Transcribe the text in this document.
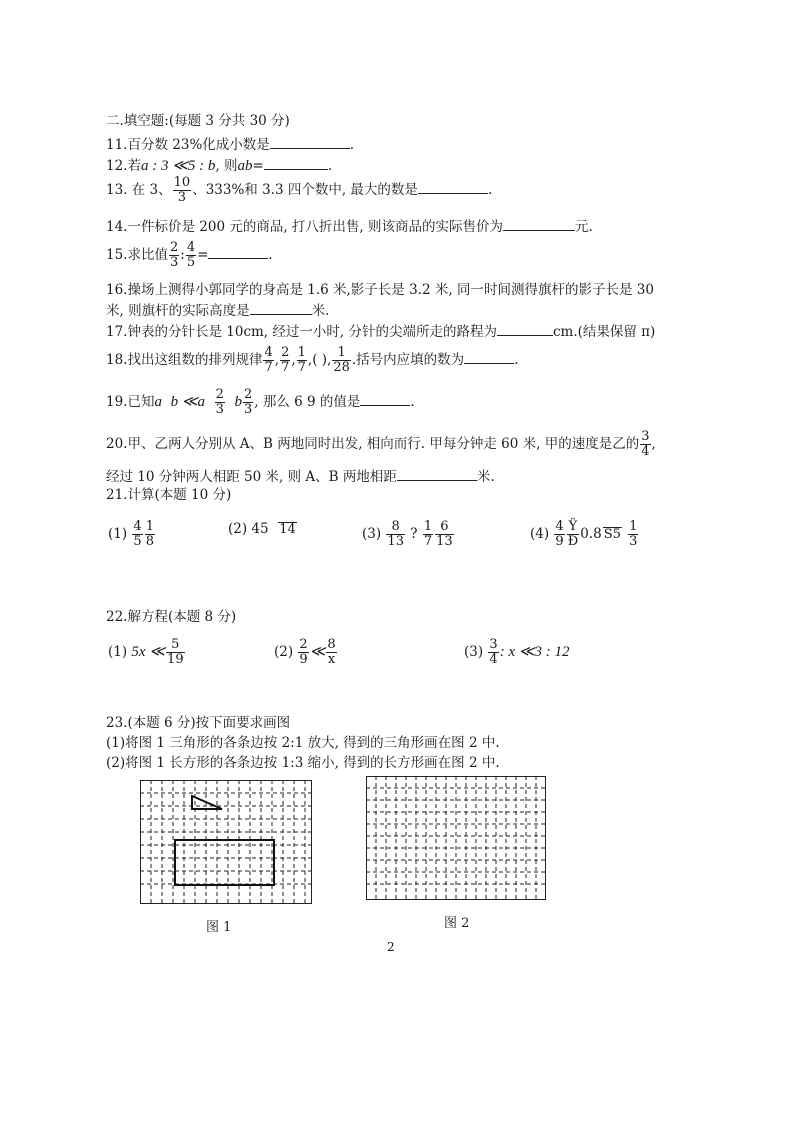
二.填空题:(每题 3 分共 30 分)
11.百分数 23%化成小数是	.
12.若a : 3 ≪5 : b, 则ab=	.
13. 在 3、 $\frac{10}{3}$ 、333%和 3.3 四个数中, 最大的数是	.
14.一件标价是 200 元的商品, 打八折出售, 则该商品的实际售价为	元.
15.求比值 $\frac{2}{3}$ : $\frac{4}{5}$ =	.
16.操场上测得小郭同学的身高是 1.6 米,影子长是 3.2 米, 同一时间测得旗杆的影子长是 30
米, 则旗杆的实际高度是	米.
17.钟表的分针长是 10cm, 经过一小时, 分针的尖端所走的路程为	cm.(结果保留 π)
18.找出这组数的排列规律 $\frac{4}{7}$ , $\frac{2}{7}$ , $\frac{1}{7}$ ,( ), $\frac{1}{28}$ .括号内应填的数为	.
19.已知a b ≪a $\frac{2}{3}$ b $\frac{2}{3}$ , 那么 6 9 的值是	.
20.甲、乙两人分别从 A、B 两地同时出发, 相向而行. 甲每分钟走 60 米, 甲的速度是乙的 $\frac{3}{4}$ ,
经过 10 分钟两人相距 50 米, 则 A、B 两地相距	米.
21.计算(本题 10 分)
$(1) \frac{4}{5} \frac{1}{8}$	(2) 45 14	$(3) \frac{8}{13}$ ? $\frac{1}{7} \frac{6}{13}$	$(4) \frac{4}{9} \frac{Ÿ}{Ð} 0.8$ S5
$\frac{1}{3}$
22.解方程(本题 8 分)
(1) 5x ≪ $\frac{5}{19}$	$(2) \frac{2}{9}$ ≪ $\frac{8}{x}$	$(3) \frac{3}{4}$ : x ≪3 : 12
23.(本题 6 分)按下面要求画图
(1)将图 1 三角形的各条边按 2:1 放大, 得到的三角形画在图 2 中.
(2)将图 1 长方形的各条边按 1:3 缩小, 得到的长方形画在图 2 中.
图 1	图 2
2
